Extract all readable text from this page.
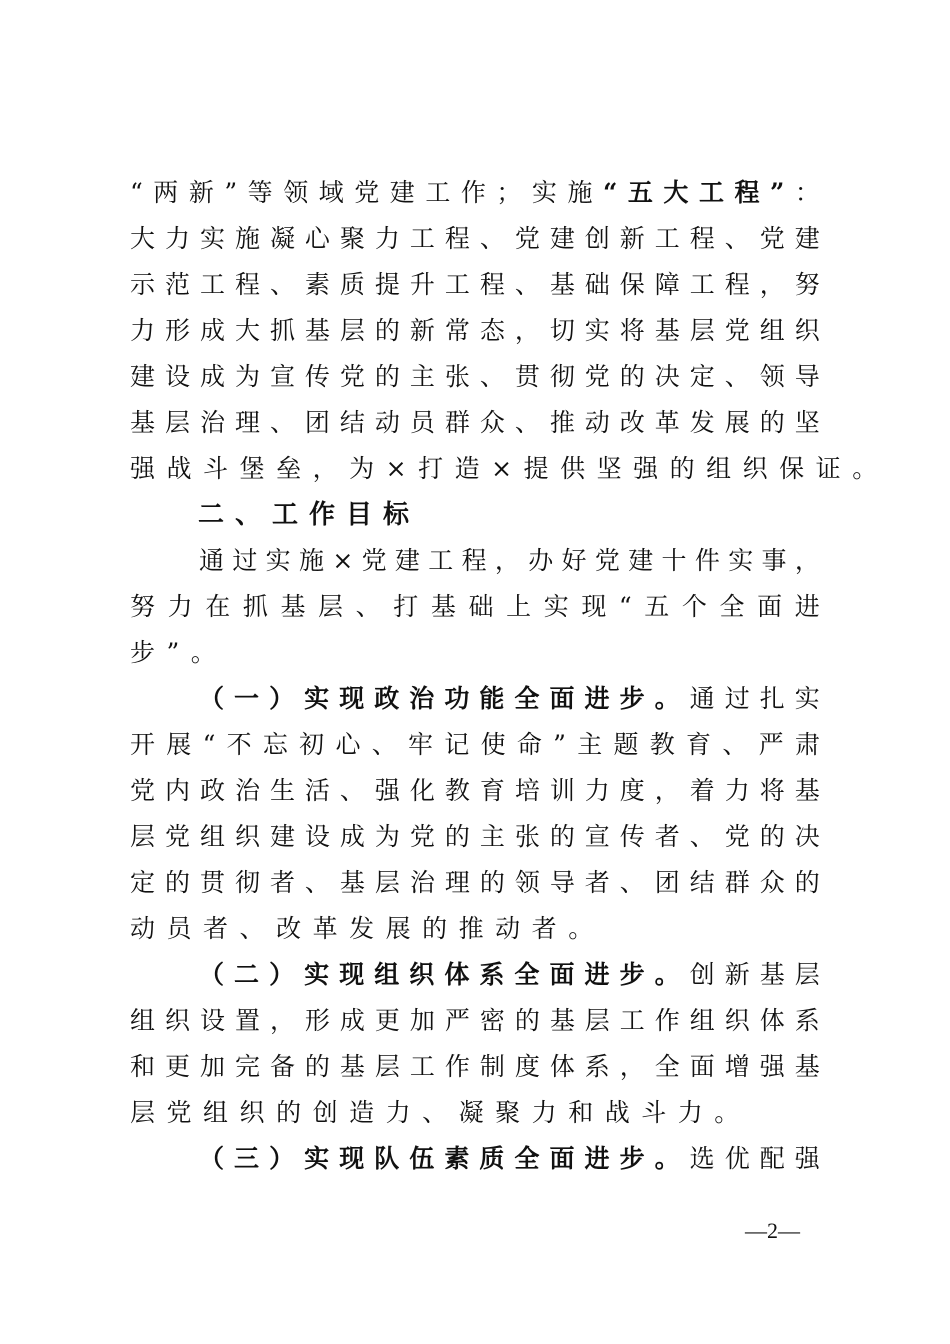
“ 两 新 ” 等 领 域 党 建 工 作 ； 实 施 “ 五 大 工 程 ” ：
大 力 实 施 凝 心 聚 力 工 程 、 党 建 创 新 工 程 、 党 建
示 范 工 程 、 素 质 提 升 工 程 、 基 础 保 障 工 程 ， 努
力 形 成 大 抓 基 层 的 新 常 态 ， 切 实 将 基 层 党 组 织
建 设 成 为 宣 传 党 的 主 张 、 贯 彻 党 的 决 定 、 领 导
基 层 治 理 、 团 结 动 员 群 众 、 推 动 改 革 发 展 的 坚
强 战 斗 堡 垒 ， 为 × 打 造 × 提 供 坚 强 的 组 织 保 证 。
二、工作目标
通 过 实 施 × 党 建 工 程 ， 办 好 党 建 十 件 实 事 ，
努 力 在 抓 基 层 、 打 基 础 上 实 现 “ 五 个 全 面 进
步 ” 。
（ 一 ） 实 现 政 治 功 能 全 面 进 步 。 通 过 扎 实
开 展 “ 不 忘 初 心 、 牢 记 使 命 ” 主 题 教 育 、 严 肃
党 内 政 治 生 活 、 强 化 教 育 培 训 力 度 ， 着 力 将 基
层 党 组 织 建 设 成 为 党 的 主 张 的 宣 传 者 、 党 的 决
定 的 贯 彻 者 、 基 层 治 理 的 领 导 者 、 团 结 群 众 的
动 员 者 、 改 革 发 展 的 推 动 者 。
（ 二 ） 实 现 组 织 体 系 全 面 进 步 。 创 新 基 层
组 织 设 置 ， 形 成 更 加 严 密 的 基 层 工 作 组 织 体 系
和 更 加 完 备 的 基 层 工 作 制 度 体 系 ， 全 面 增 强 基
层 党 组 织 的 创 造 力 、 凝 聚 力 和 战 斗 力 。
（ 三 ） 实 现 队 伍 素 质 全 面 进 步 。 选 优 配 强
—2—
